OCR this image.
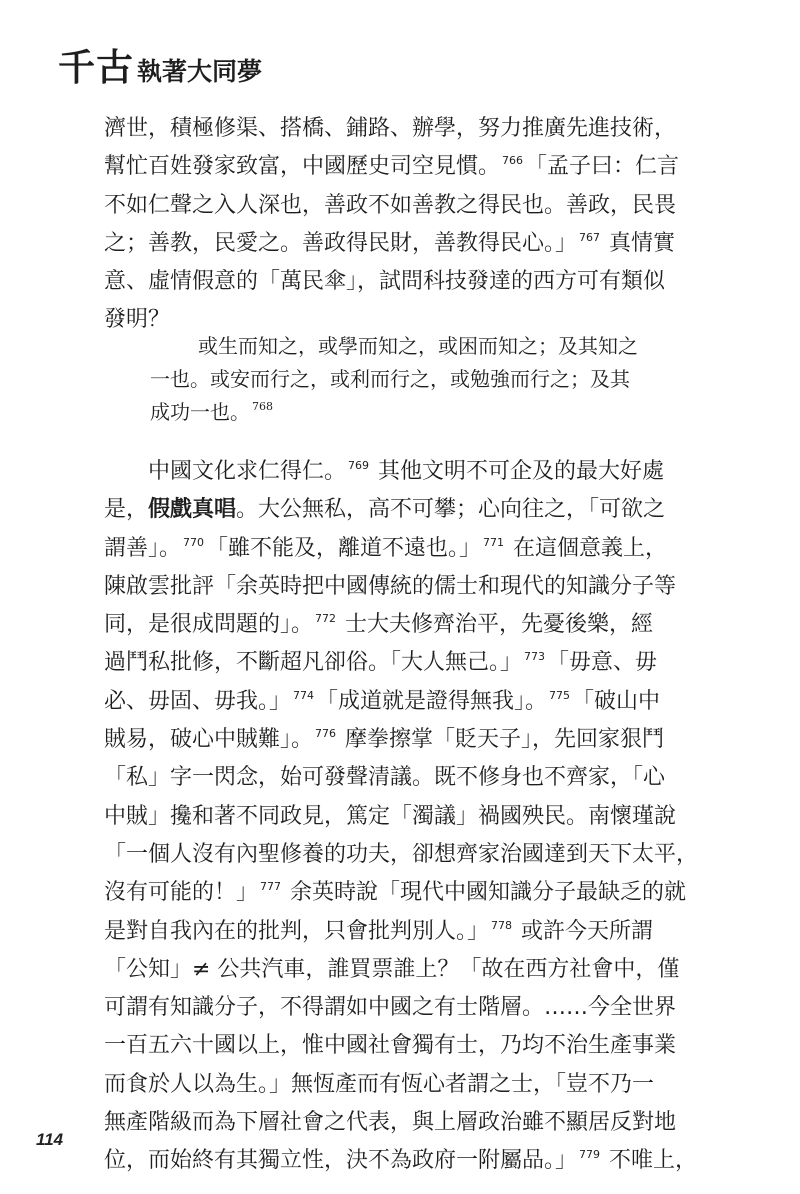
千古 執著大同夢
濟世，積極修渠、搭橋、鋪路、辦學，努力推廣先進技術，
幫忙百姓發家致富，中國歷史司空見慣。 $^{766}$「孟子曰：仁言
不如仁聲之入人深也，善政不如善教之得民也。善政，民畏
之；善教，民愛之。善政得民財，善教得民心。」 $^{767}$ 真情實
意、虛情假意的「萬民傘」，試問科技發達的西方可有類似
發明？
或生而知之，或學而知之，或困而知之；及其知之
一也。或安而行之，或利而行之，或勉強而行之；及其
成功一也。 $^{768}$
中國文化求仁得仁。 $^{769}$ 其他文明不可企及的最大好處
是，假戲真唱。大公無私，高不可攀；心向往之，「可欲之
謂善」。 $^{770}$「雖不能及，離道不遠也。」 $^{771}$ 在這個意義上，
陳啟雲批評「余英時把中國傳統的儒士和現代的知識分子等
同，是很成問題的」。 $^{772}$ 士大夫修齊治平，先憂後樂，經
過鬥私批修，不斷超凡卻俗。「大人無己。」 $^{773}$「毋意、毋
必、毋固、毋我。」 $^{774}$「成道就是證得無我」。 $^{775}$「破山中
賊易，破心中賊難」。 $^{776}$ 摩拳擦掌「貶天子」，先回家狠鬥
「私」字一閃念，始可發聲清議。既不修身也不齊家，「心
中賊」攙和著不同政見，篤定「濁議」禍國殃民。南懷瑾說
「一個人沒有內聖修養的功夫，卻想齊家治國達到天下太平，
沒有可能的！」 $^{777}$ 余英時說「現代中國知識分子最缺乏的就
是對自我內在的批判，只會批判別人。」 $^{778}$ 或許今天所謂
「公知」≠ 公共汽車，誰買票誰上？「故在西方社會中，僅
可謂有知識分子，不得謂如中國之有士階層。……今全世界
一百五六十國以上，惟中國社會獨有士，乃均不治生產事業
而食於人以為生。」無恆產而有恆心者謂之士，「豈不乃一
無產階級而為下層社會之代表，與上層政治雖不顯居反對地
位，而始終有其獨立性，決不為政府一附屬品。」 $^{779}$ 不唯上，
114
